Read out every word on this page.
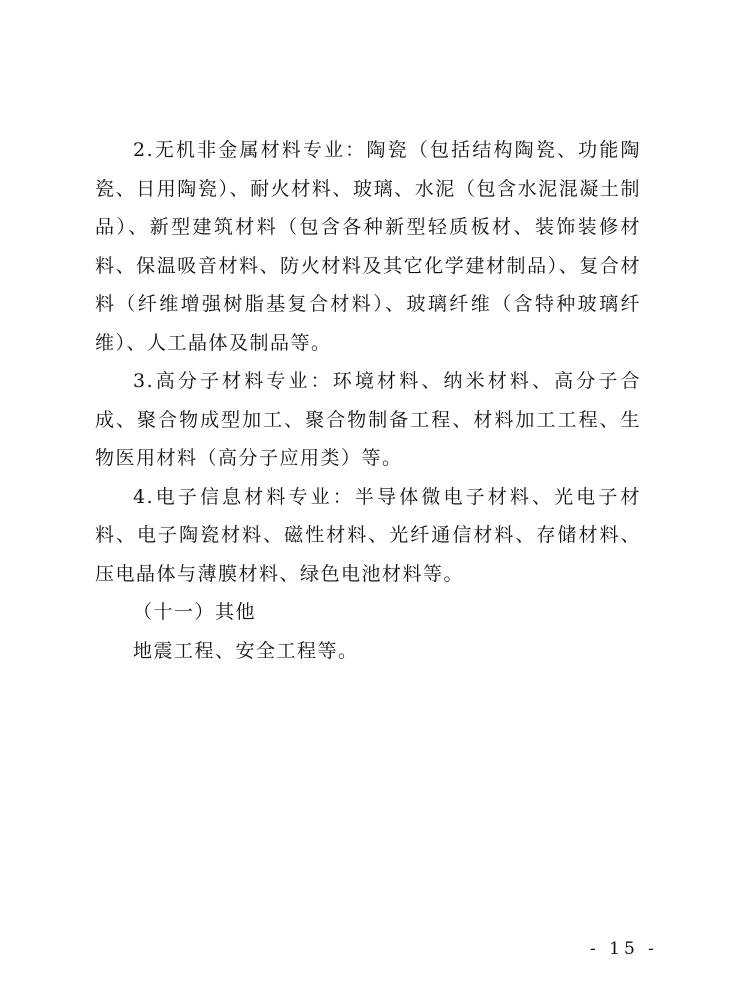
2.无机非金属材料专业：陶瓷（包括结构陶瓷、功能陶瓷、日用陶瓷）、耐火材料、玻璃、水泥（包含水泥混凝土制品）、新型建筑材料（包含各种新型轻质板材、装饰装修材料、保温吸音材料、防火材料及其它化学建材制品）、复合材料（纤维增强树脂基复合材料）、玻璃纤维（含特种玻璃纤维）、人工晶体及制品等。

3.高分子材料专业：环境材料、纳米材料、高分子合成、聚合物成型加工、聚合物制备工程、材料加工工程、生物医用材料（高分子应用类）等。

4.电子信息材料专业：半导体微电子材料、光电子材料、电子陶瓷材料、磁性材料、光纤通信材料、存储材料、压电晶体与薄膜材料、绿色电池材料等。

（十一）其他

地震工程、安全工程等。

- 15 -
